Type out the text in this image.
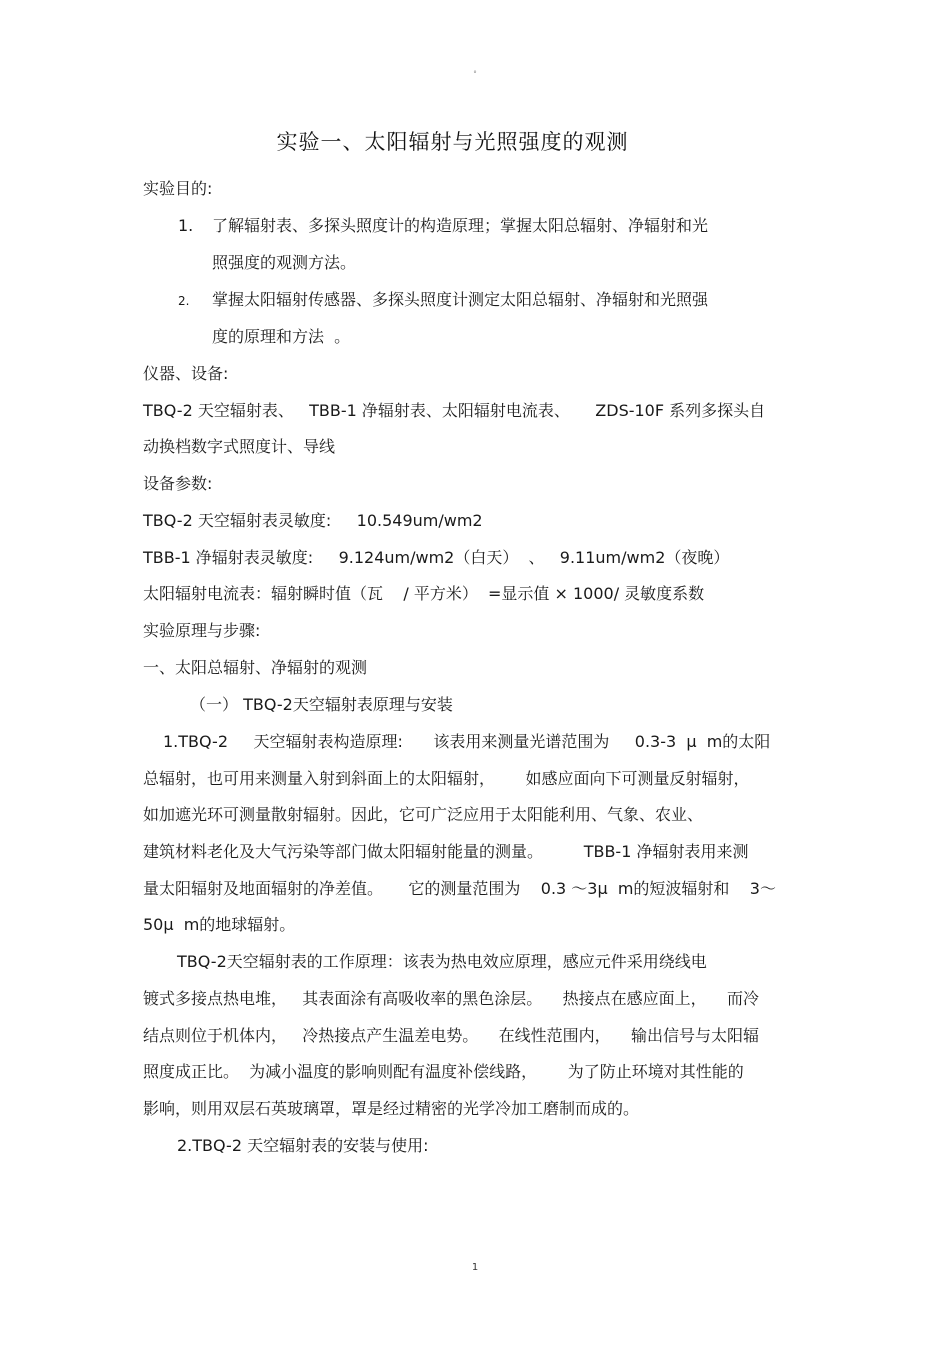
°
实验一、太阳辐射与光照强度的观测
实验目的:
1. 了解辐射表、多探头照度计的构造原理；掌握太阳总辐射、净辐射和光
照强度的观测方法。
2. 掌握太阳辐射传感器、多探头照度计测定太阳总辐射、净辐射和光照强
度的原理和方法  。
仪器、设备:
TBQ-2 天空辐射表、   TBB-1 净辐射表、太阳辐射电流表、     ZDS-10F 系列多探头自
动换档数字式照度计、导线
设备参数:
TBQ-2 天空辐射表灵敏度:     10.549um/wm2
TBB-1 净辐射表灵敏度:     9.124um/wm2（白天）  、   9.11um/wm2（夜晚）
太阳辐射电流表：辐射瞬时值（瓦    / 平方米）  =显示值 × 1000/ 灵敏度系数
实验原理与步骤:
一、太阳总辐射、净辐射的观测
（一） TBQ-2天空辐射表原理与安装
1.TBQ-2     天空辐射表构造原理:      该表用来测量光谱范围为     0.3-3  μ  m的太阳
总辐射，也可用来测量入射到斜面上的太阳辐射，      如感应面向下可测量反射辐射，
如加遮光环可测量散射辐射。因此，它可广泛应用于太阳能利用、气象、农业、
建筑材料老化及大气污染等部门做太阳辐射能量的测量。        TBB-1 净辐射表用来测
量太阳辐射及地面辐射的净差值。     它的测量范围为    0.3 ～3μ  m的短波辐射和    3～
50μ  m的地球辐射。
TBQ-2天空辐射表的工作原理：该表为热电效应原理，感应元件采用绕线电
镀式多接点热电堆，   其表面涂有高吸收率的黑色涂层。    热接点在感应面上，    而冷
结点则位于机体内，   冷热接点产生温差电势。    在线性范围内，    输出信号与太阳辐
照度成正比。  为减小温度的影响则配有温度补偿线路，      为了防止环境对其性能的
影响，则用双层石英玻璃罩，罩是经过精密的光学冷加工磨制而成的。
2.TBQ-2 天空辐射表的安装与使用:
1
